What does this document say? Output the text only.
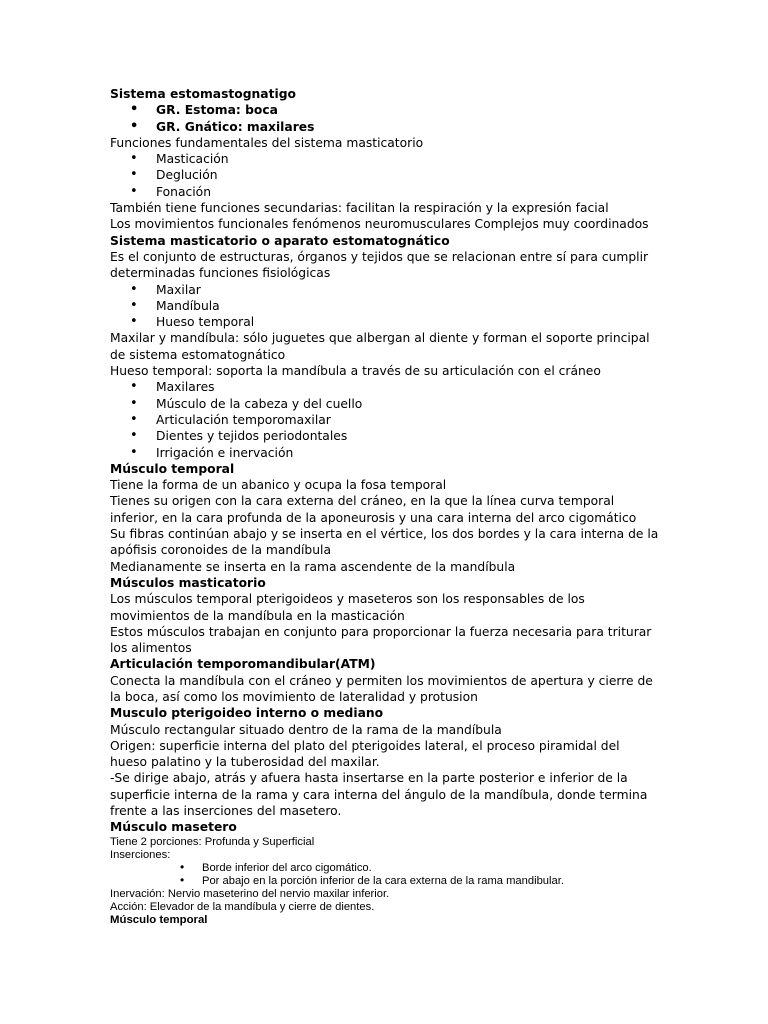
Sistema estomastognatigo

• GR. Estoma: boca

• GR. Gnático: maxilares

Funciones fundamentales del sistema masticatorio

• Masticación

• Deglución

• Fonación

También tiene funciones secundarias: facilitan la respiración y la expresión facial

Los movimientos funcionales fenómenos neuromusculares Complejos muy coordinados

Sistema masticatorio o aparato estomatognático

Es el conjunto de estructuras, órganos y tejidos que se relacionan entre sí para cumplir determinadas funciones fisiológicas

• Maxilar

• Mandíbula

• Hueso temporal

Maxilar y mandíbula: sólo juguetes que albergan al diente y forman el soporte principal de sistema estomatognático

Hueso temporal: soporta la mandíbula a través de su articulación con el cráneo

• Maxilares

• Músculo de la cabeza y del cuello

• Articulación temporomaxilar

• Dientes y tejidos periodontales

• Irrigación e inervación

Músculo temporal

Tiene la forma de un abanico y ocupa la fosa temporal

Tienes su origen con la cara externa del cráneo, en la que la línea curva temporal inferior, en la cara profunda de la aponeurosis y una cara interna del arco cigomático

Su fibras continúan abajo y se inserta en el vértice, los dos bordes y la cara interna de la apófisis coronoides de la mandíbula

Medianamente se inserta en la rama ascendente de la mandíbula

Músculos masticatorio

Los músculos temporal pterigoideos y maseteros son los responsables de los movimientos de la mandíbula en la masticación

Estos músculos trabajan en conjunto para proporcionar la fuerza necesaria para triturar los alimentos

Articulación temporomandibular(ATM)

Conecta la mandíbula con el cráneo y permiten los movimientos de apertura y cierre de la boca, así como los movimiento de lateralidad y protusion

Musculo pterigoideo interno o mediano

Músculo rectangular situado dentro de la rama de la mandíbula

Origen: superficie interna del plato del pterigoides lateral, el proceso piramidal del hueso palatino y la tuberosidad del maxilar.

-Se dirige abajo, atrás y afuera hasta insertarse en la parte posterior e inferior de la superficie interna de la rama y cara interna del ángulo de la mandíbula, donde termina frente a las inserciones del masetero.

Músculo masetero

Tiene 2 porciones: Profunda y Superficial

Inserciones:

• Borde inferior del arco cigomático.

• Por abajo en la porción inferior de la cara externa de la rama mandibular.

Inervación: Nervio maseterino del nervio maxilar inferior.

Acción: Elevador de la mandíbula y cierre de dientes.

Músculo temporal
